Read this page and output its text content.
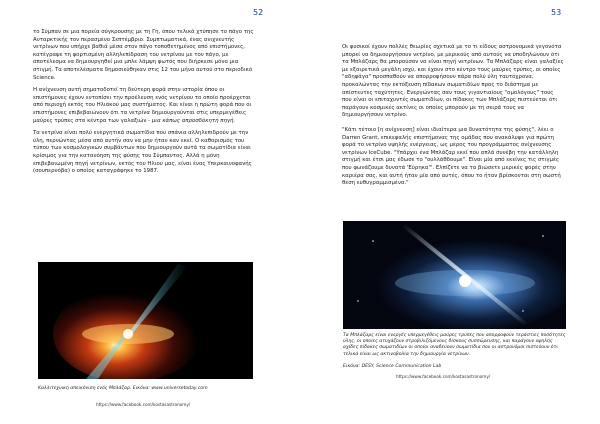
52

το Σύμπαν σε μια πορεία σύγκρουσης με τη Γη, όπου τελικά χτύπησε το πάγο της Ανταρκτικής τον περασμένο Σεπτέμβριο. Συμπτωματικά, ένας ανιχνευτής νετρίνων που υπήρχε βαθιά μέσα στον πάγο τοποθετημένος από επιστήμονες, κατέγραψε τη φορτισμένη αλληλεπίδραση του νετρίνου με τον πάγο, με αποτέλεσμα να δημιουργηθεί μια μπλε λάμψη φωτός που διήρκεσε μόνο μια στιγμή. Τα αποτελέσματα δημοσιεύθηκαν στις 12 του μήνα αυτού στο περιοδικό Science.

Η ανίχνευση αυτή σηματοδοτεί τη δεύτερη φορά στην ιστορία όπου οι επιστήμονες έχουν εντοπίσει την προέλευση ενός νετρίνου το οποίο προέρχεται από περιοχή εκτός του Ηλιακού μας συστήματος. Και είναι η πρώτη φορά που οι επιστήμονες επιβεβαιώνουν ότι τα νετρίνα δημιουργούνται στις υπερμεγέθεις μαύρες τρύπες στα κέντρα των γαλαξιών - μια κάπως απροσδόκητη πηγή.

Τα νετρίνα είναι πολύ ενεργητικά σωματίδια που σπάνια αλληλεπιδρούν με την ύλη, περνώντας μέσα από αυτήν σαν να μην ήταν καν εκεί. Ο καθορισμός του τύπου των κοσμολογικών συμβάντων που δημιουργούν αυτά τα σωματίδια είναι κρίσιμος για την κατανόηση της φύσης του Σύμπαντος. Αλλά η μόνη επιβεβαιωμένη πηγή νετρίνων, εκτός του Ηλιου μας, είναι ένας Υπερκαινοφανής (σουπερνόβα) ο οποίος καταγράφηκε το 1987.

Καλλιτεχνική απεικόνιση ενός Μπλάζαρ. Εικόνα: www.universetoday.com
https://www.facebook.com/kostasastronomy/
53

Οι φυσικοί έχουν πολλές θεωρίες σχετικά με το τι είδους αστρονομικά γεγονότα μπορεί να δημιουργήσουν νετρίνο, με μερικούς από αυτούς να υποδηλώνουν ότι τα Μπλάζαρς θα μπορούσαν να είναι πηγή νετρίνων. Τα Μπλάζαρς είναι γαλαξίες με εξαιρετικά μεγάλη ισχύ, και έχουν στο κέντρο τους μαύρες τρύπες, οι οποίες "αδηφάγα" προσπαθούν να απορροφήσουν πάρα πολύ ύλη ταυτόχρονα, προκαλώντας την εκτόξευση πίδακων σωματιδίων προς το διάστημα με απίστευτες ταχύτητες. Ενεργώντας σαν τους γιγαντιαίους "ομολόγους" τους που είναι οι επιταχυντές σωματιδίων, οι πίδακες των Μπλάζαρς πιστεύεται ότι παράγουν κοσμικές ακτίνες οι οποίες μπορούν με τη σειρά τους να δημιουργήσουν νετρίνο.

"Κάτι τέτοιο [η ανίχνευση] είναι ιδιαίτερα μια δυνατότητα της φύσης", λέει ο Darren Grant, επικεφαλής επιστήμονας της ομάδας που ανακάλυψε για πρώτη φορά το νετρίνο υψηλής ενέργειας, ως μέρος του προγράμματος ανίχνευσης νετρίνων IceCube. "Υπάρχει ένα Μπλάζαρ εκεί που απλά συνέβη την κατάλληλη στιγμή και έτσι μας έδωσε το "ουλλάθδουμε". Είναι μία από εκείνες τις στιγμές που φωνάζουμε δυνατά 'Εύρηκα'". Ελπίζετε να τα βιώσετε μερικές φορές στην καριέρα σας, και αυτή ήταν μία από αυτές, όπου το ήταν βρίσκονται στη σωστή θέση ευθυγραμμισμένα."

Τα Μπλάζαρς είναι ενεργές υπερμεγέθεις μαύρες τρύπες που απορροφούν τεράστιες ποσότητες ύλης, οι οποίες ατυχάζουν στροβιλιζόμενους δίσκους συσσώρευσης, και παράγουν υψηλής αχίδες πίδακες σωματιδίων οι οποίοι αναδεύουν σωματίδια που οι αστρονόμοι πιστεύουν ότι τελικά είναι ως ακτινοβολία την δημιουργία νετρίνων.
Εικόνα: DESY, Science Communication Lab
https://www.facebook.com/kostasastronomy/
